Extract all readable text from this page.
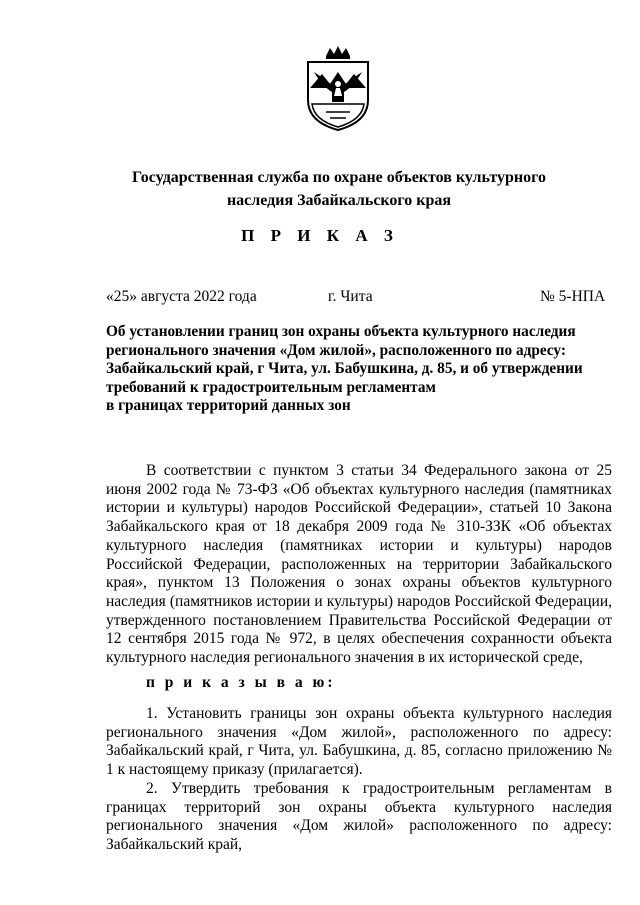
Государственная служба по охране объектов культурного
наследия Забайкальского края
П Р И К А З
«25» августа 2022 года	г. Чита	№ 5-НПА
Об установлении границ зон охраны объекта культурного наследия
регионального значения «Дом жилой», расположенного по адресу:
Забайкальский край, г Чита, ул. Бабушкина, д. 85, и об утверждении
требований к градостроительным регламентам
в границах территорий данных зон
В соответствии с пунктом 3 статьи 34 Федерального закона от 25 июня 2002 года № 73-ФЗ «Об объектах культурного наследия (памятниках истории и культуры) народов Российской Федерации», статьей 10 Закона Забайкальского края от 18 декабря 2009 года № 310-ЗЗК «Об объектах культурного наследия (памятниках истории и культуры) народов Российской Федерации, расположенных на территории Забайкальского края», пунктом 13 Положения о зонах охраны объектов культурного наследия (памятников истории и культуры) народов Российской Федерации, утвержденного постановлением Правительства Российской Федерации от 12 сентября 2015 года № 972, в целях обеспечения сохранности объекта культурного наследия регионального значения в их исторической среде,
п р и к а з ы в а ю:
1. Установить границы зон охраны объекта культурного наследия регионального значения «Дом жилой», расположенного по адресу: Забайкальский край, г Чита, ул. Бабушкина, д. 85, согласно приложению № 1 к настоящему приказу (прилагается).
2. Утвердить требования к градостроительным регламентам в границах территорий зон охраны объекта культурного наследия регионального значения «Дом жилой» расположенного по адресу: Забайкальский край,
